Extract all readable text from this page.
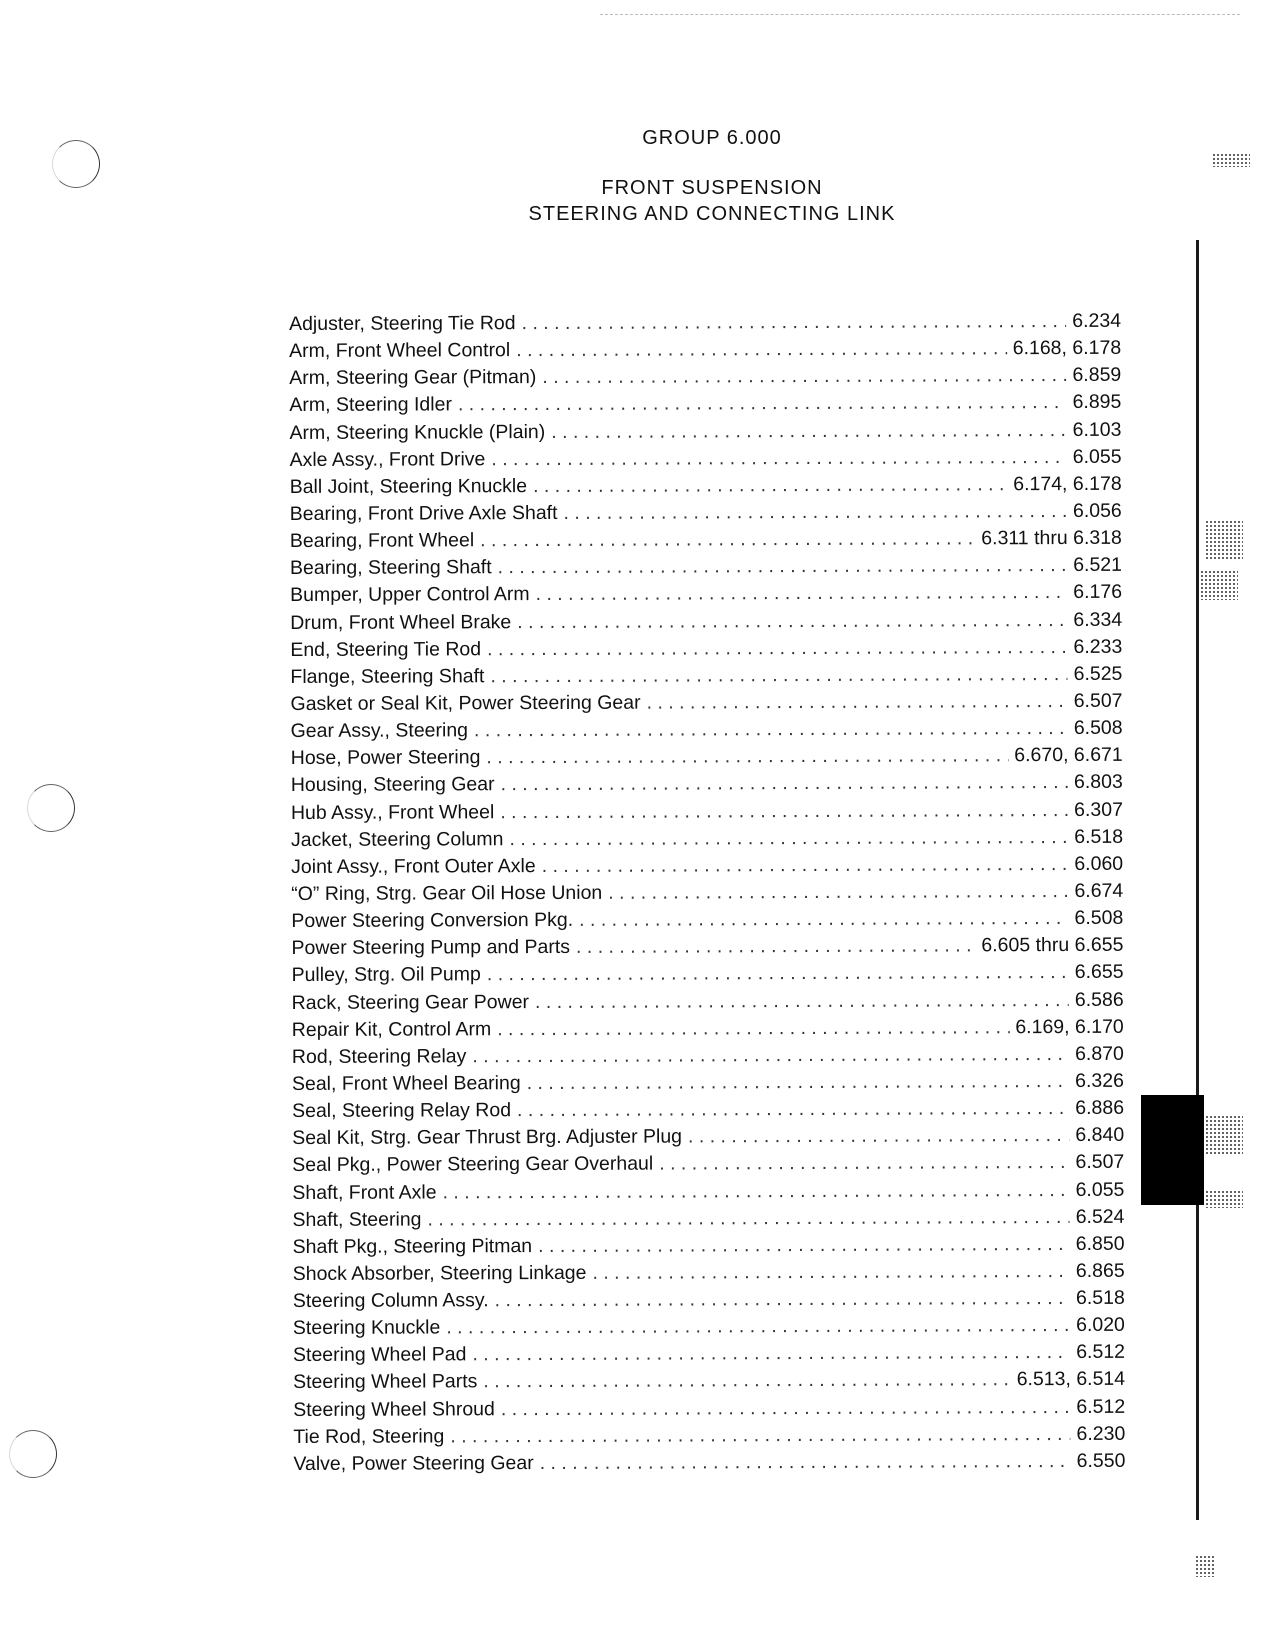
GROUP 6.000
FRONT SUSPENSION
STEERING AND CONNECTING LINK
Adjuster, Steering Tie Rod . . .	6.234
Arm, Front Wheel Control . . .	6.168, 6.178
Arm, Steering Gear (Pitman) . . .	6.859
Arm, Steering Idler . . .	6.895
Arm, Steering Knuckle (Plain) . . .	6.103
Axle Assy., Front Drive . . .	6.055
Ball Joint, Steering Knuckle . . .	6.174, 6.178
Bearing, Front Drive Axle Shaft . . .	6.056
Bearing, Front Wheel . . .	6.311 thru 6.318
Bearing, Steering Shaft . . .	6.521
Bumper, Upper Control Arm . . .	6.176
Drum, Front Wheel Brake . . .	6.334
End, Steering Tie Rod . . .	6.233
Flange, Steering Shaft . . .	6.525
Gasket or Seal Kit, Power Steering Gear . . .	6.507
Gear Assy., Steering . . .	6.508
Hose, Power Steering . . .	6.670, 6.671
Housing, Steering Gear . . .	6.803
Hub Assy., Front Wheel . . .	6.307
Jacket, Steering Column . . .	6.518
Joint Assy., Front Outer Axle . . .	6.060
“O” Ring, Strg. Gear Oil Hose Union . . .	6.674
Power Steering Conversion Pkg. . . .	6.508
Power Steering Pump and Parts . . .	6.605 thru 6.655
Pulley, Strg. Oil Pump . . .	6.655
Rack, Steering Gear Power . . .	6.586
Repair Kit, Control Arm . . .	6.169, 6.170
Rod, Steering Relay . . .	6.870
Seal, Front Wheel Bearing . . .	6.326
Seal, Steering Relay Rod . . .	6.886
Seal Kit, Strg. Gear Thrust Brg. Adjuster Plug . . .	6.840
Seal Pkg., Power Steering Gear Overhaul . . .	6.507
Shaft, Front Axle . . .	6.055
Shaft, Steering . . .	6.524
Shaft Pkg., Steering Pitman . . .	6.850
Shock Absorber, Steering Linkage . . .	6.865
Steering Column Assy. . . .	6.518
Steering Knuckle . . .	6.020
Steering Wheel Pad . . .	6.512
Steering Wheel Parts . . .	6.513, 6.514
Steering Wheel Shroud . . .	6.512
Tie Rod, Steering . . .	6.230
Valve, Power Steering Gear . . .	6.550
